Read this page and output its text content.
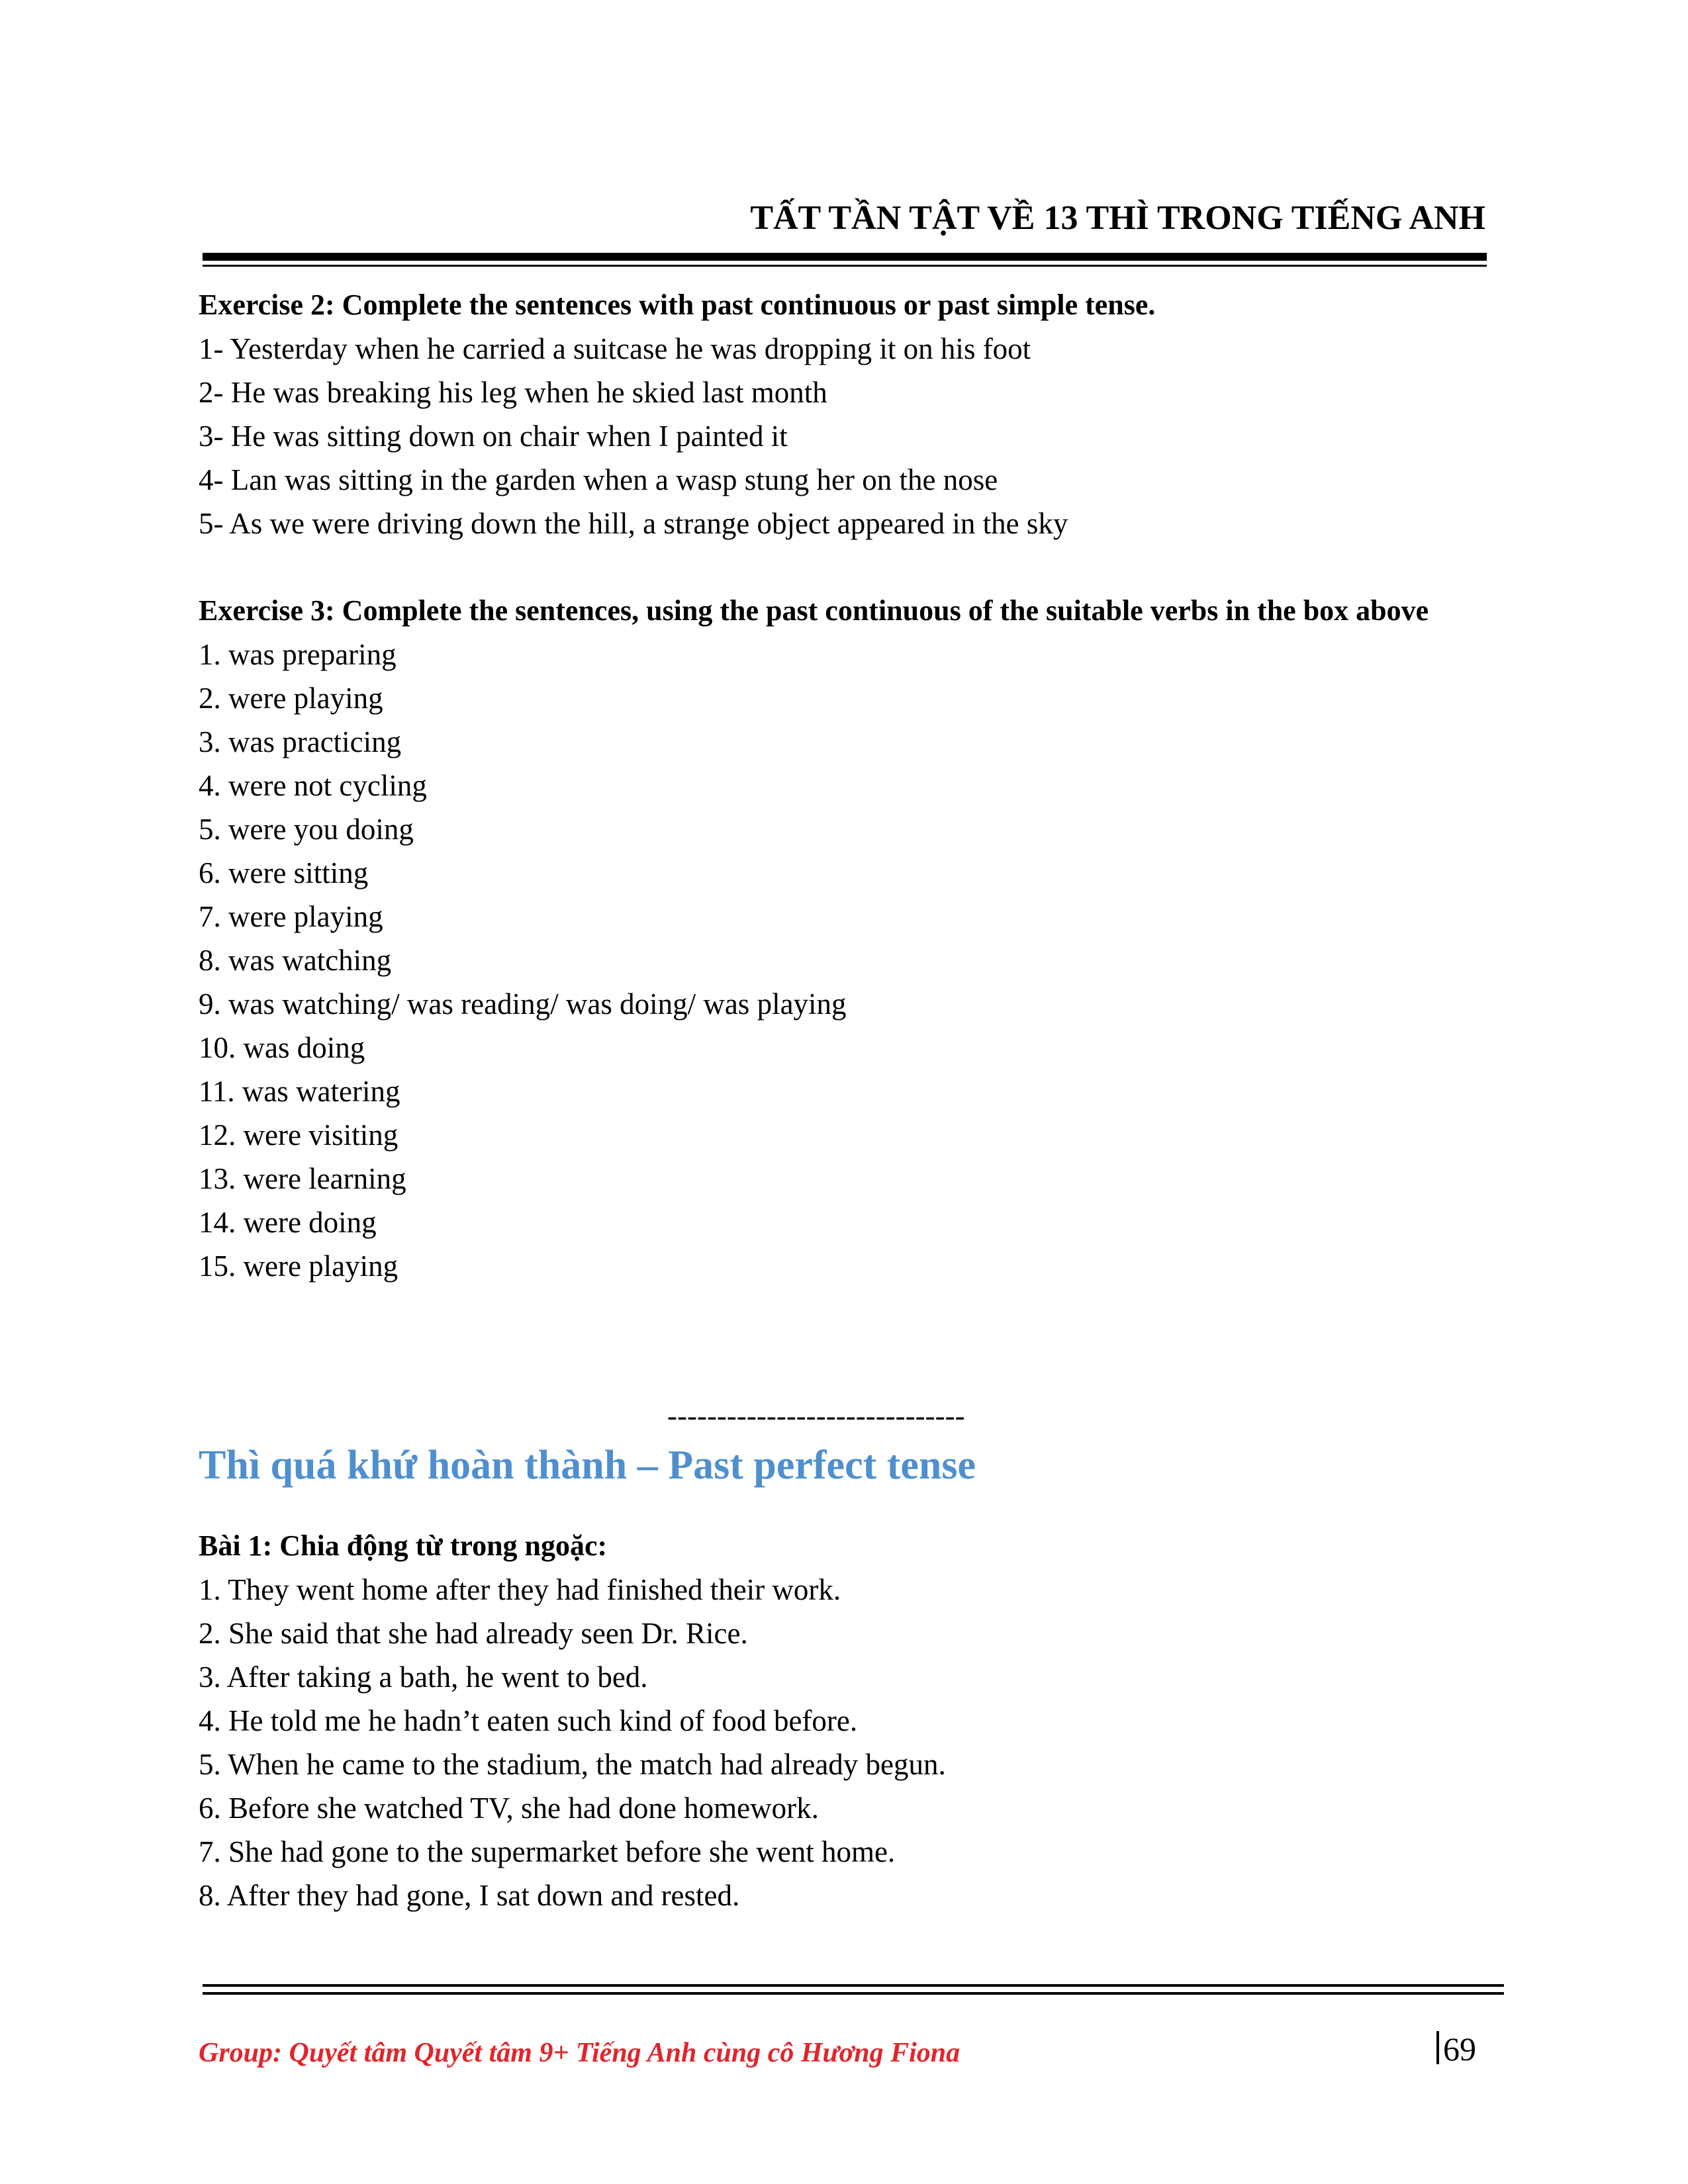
TẤT TẦN TẬT VỀ 13 THÌ TRONG TIẾNG ANH
Exercise 2: Complete the sentences with past continuous or past simple tense.
1- Yesterday when he carried a suitcase he was dropping it on his foot
2- He was breaking his leg when he skied last month
3- He was sitting down on chair when I painted it
4- Lan was sitting in the garden when a wasp stung her on the nose
5- As we were driving down the hill, a strange object appeared in the sky
Exercise 3: Complete the sentences, using the past continuous of the suitable verbs in the box above
1. was preparing
2. were playing
3. was practicing
4. were not cycling
5. were you doing
6. were sitting
7. were playing
8. was watching
9. was watching/ was reading/ was doing/ was playing
10. was doing
11. was watering
12. were visiting
13. were learning
14. were doing
15. were playing
------------------------------
Thì quá khứ hoàn thành – Past perfect tense
Bài 1: Chia động từ trong ngoặc:
1. They went home after they had finished their work.
2. She said that she had already seen Dr. Rice.
3. After taking a bath, he went to bed.
4. He told me he hadn’t eaten such kind of food before.
5. When he came to the stadium, the match had already begun.
6. Before she watched TV, she had done homework.
7. She had gone to the supermarket before she went home.
8. After they had gone, I sat down and rested.
Group: Quyết tâm Quyết tâm 9+ Tiếng Anh cùng cô Hương Fiona	69
